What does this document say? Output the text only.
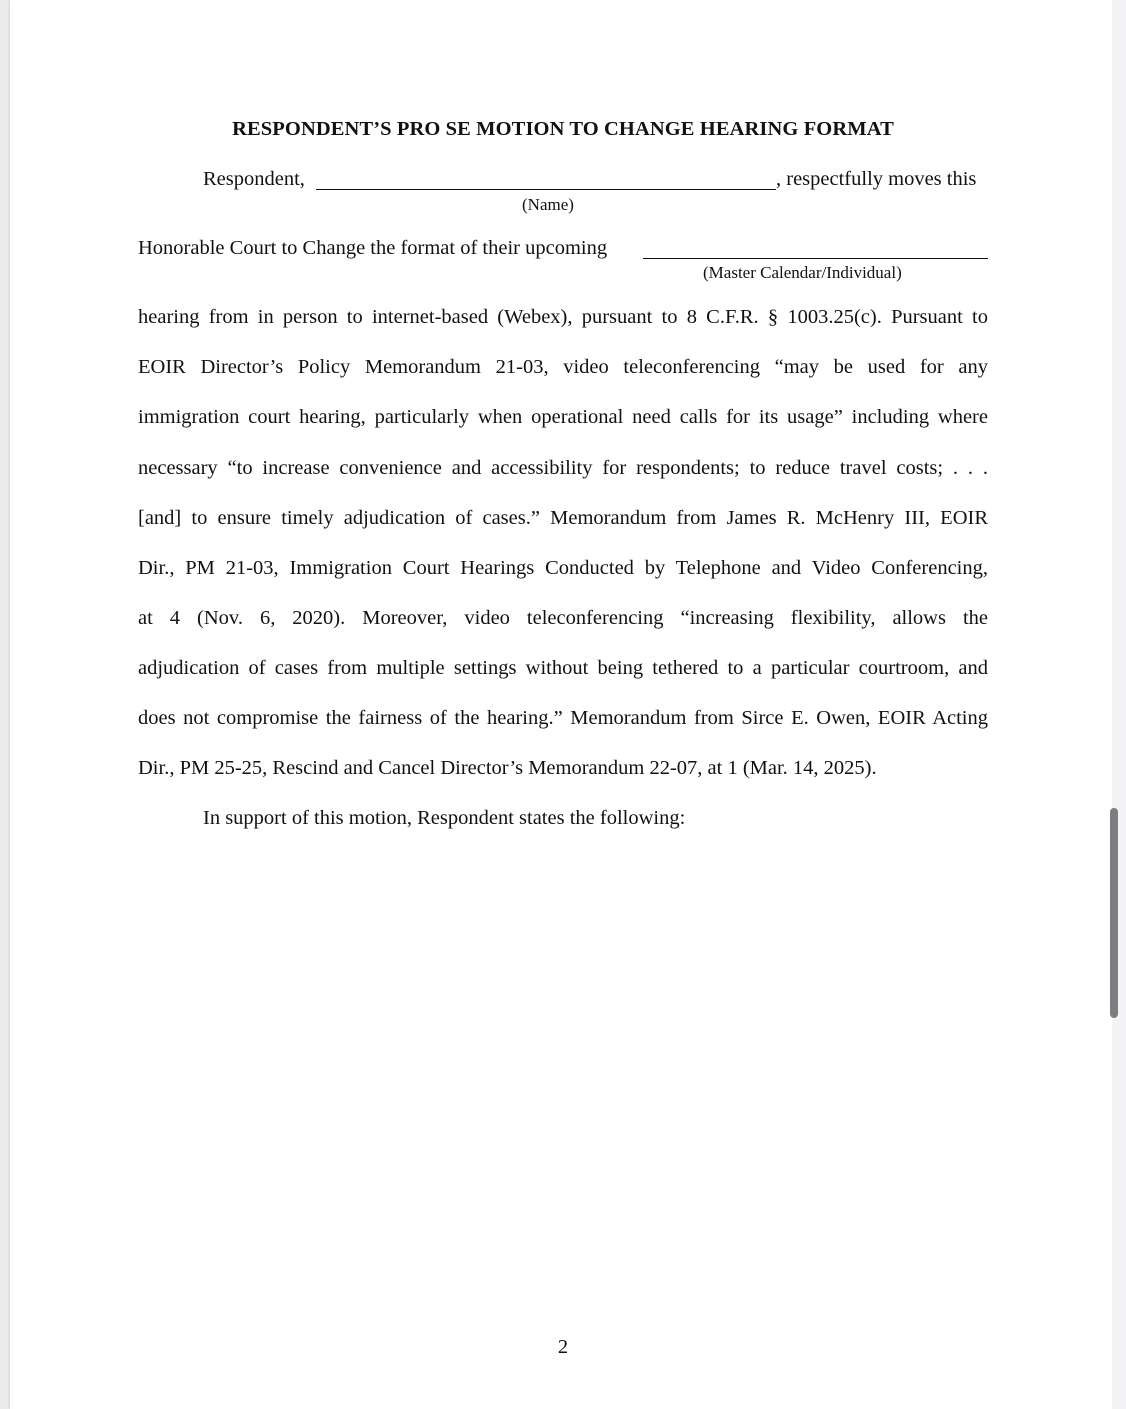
RESPONDENT’S PRO SE MOTION TO CHANGE HEARING FORMAT
Respondent,	, respectfully moves this
(Name)
Honorable Court to Change the format of their upcoming
(Master Calendar/Individual)
hearing from in person to internet-based (Webex), pursuant to 8 C.F.R. § 1003.25(c). Pursuant to
EOIR Director’s Policy Memorandum 21-03, video teleconferencing “may be used for any
immigration court hearing, particularly when operational need calls for its usage” including where
necessary “to increase convenience and accessibility for respondents; to reduce travel costs; . . .
[and] to ensure timely adjudication of cases.” Memorandum from James R. McHenry III, EOIR
Dir., PM 21-03, Immigration Court Hearings Conducted by Telephone and Video Conferencing,
at 4 (Nov. 6, 2020). Moreover, video teleconferencing “increasing flexibility, allows the
adjudication of cases from multiple settings without being tethered to a particular courtroom, and
does not compromise the fairness of the hearing.” Memorandum from Sirce E. Owen, EOIR Acting
Dir., PM 25-25, Rescind and Cancel Director’s Memorandum 22-07, at 1 (Mar. 14, 2025).
In support of this motion, Respondent states the following:
2
